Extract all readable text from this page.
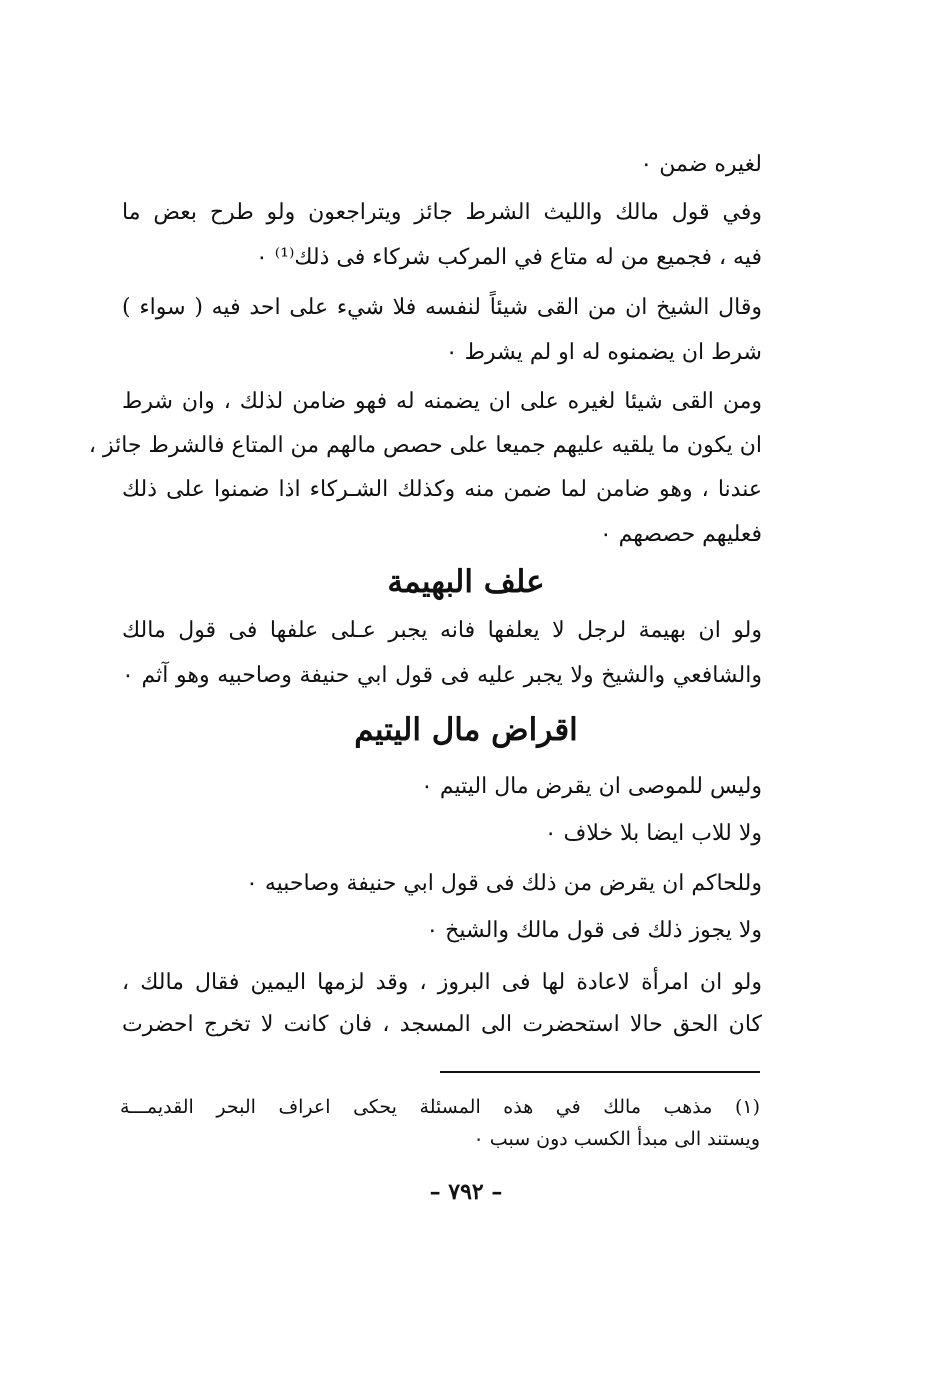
لغيره ضمن ٠
وفي قول مالك والليث الشرط جائز ويتراجعون ولو طرح بعض ما
فيه ، فجميع من له متاع في المركب شركاء فى ذلك⁽¹⁾ ٠
وقال الشيخ ان من القى شيئاً لنفسه فلا شيء على احد فيه ( سواء )
شرط ان يضمنوه له او لم يشرط ٠
ومن القى شيئا لغيره على ان يضمنه له فهو ضامن لذلك ، وان شرط
ان يكون ما يلقيه عليهم جميعا على حصص مالهم من المتاع فالشرط جائز ،
عندنا ، وهو ضامن لما ضمن منه وكذلك الشـركاء اذا ضمنوا على ذلك
فعليهم حصصهم ٠
علف البهيمة
ولو ان بهيمة لرجل لا يعلفها فانه يجبر عـلى علفها فى قول مالك
والشافعي والشيخ ولا يجبر عليه فى قول ابي حنيفة وصاحبيه وهو آثم ٠
اقراض مال اليتيم
وليس للموصى ان يقرض مال اليتيم ٠
ولا للاب ايضا بلا خلاف ٠
وللحاكم ان يقرض من ذلك فى قول ابي حنيفة وصاحبيه ٠
ولا يجوز ذلك فى قول مالك والشيخ ٠
ولو ان امرأة لاعادة لها فى البروز ، وقد لزمها اليمين فقال مالك ،
كان الحق حالا استحضرت الى المسجد ، فان كانت لا تخرج احضرت
(١) مذهب مالك في هذه المسئلة يحكى اعراف البحر القديمـــة
ويستند الى مبدأ الكسب دون سبب ٠
– ٧٩٢ –
